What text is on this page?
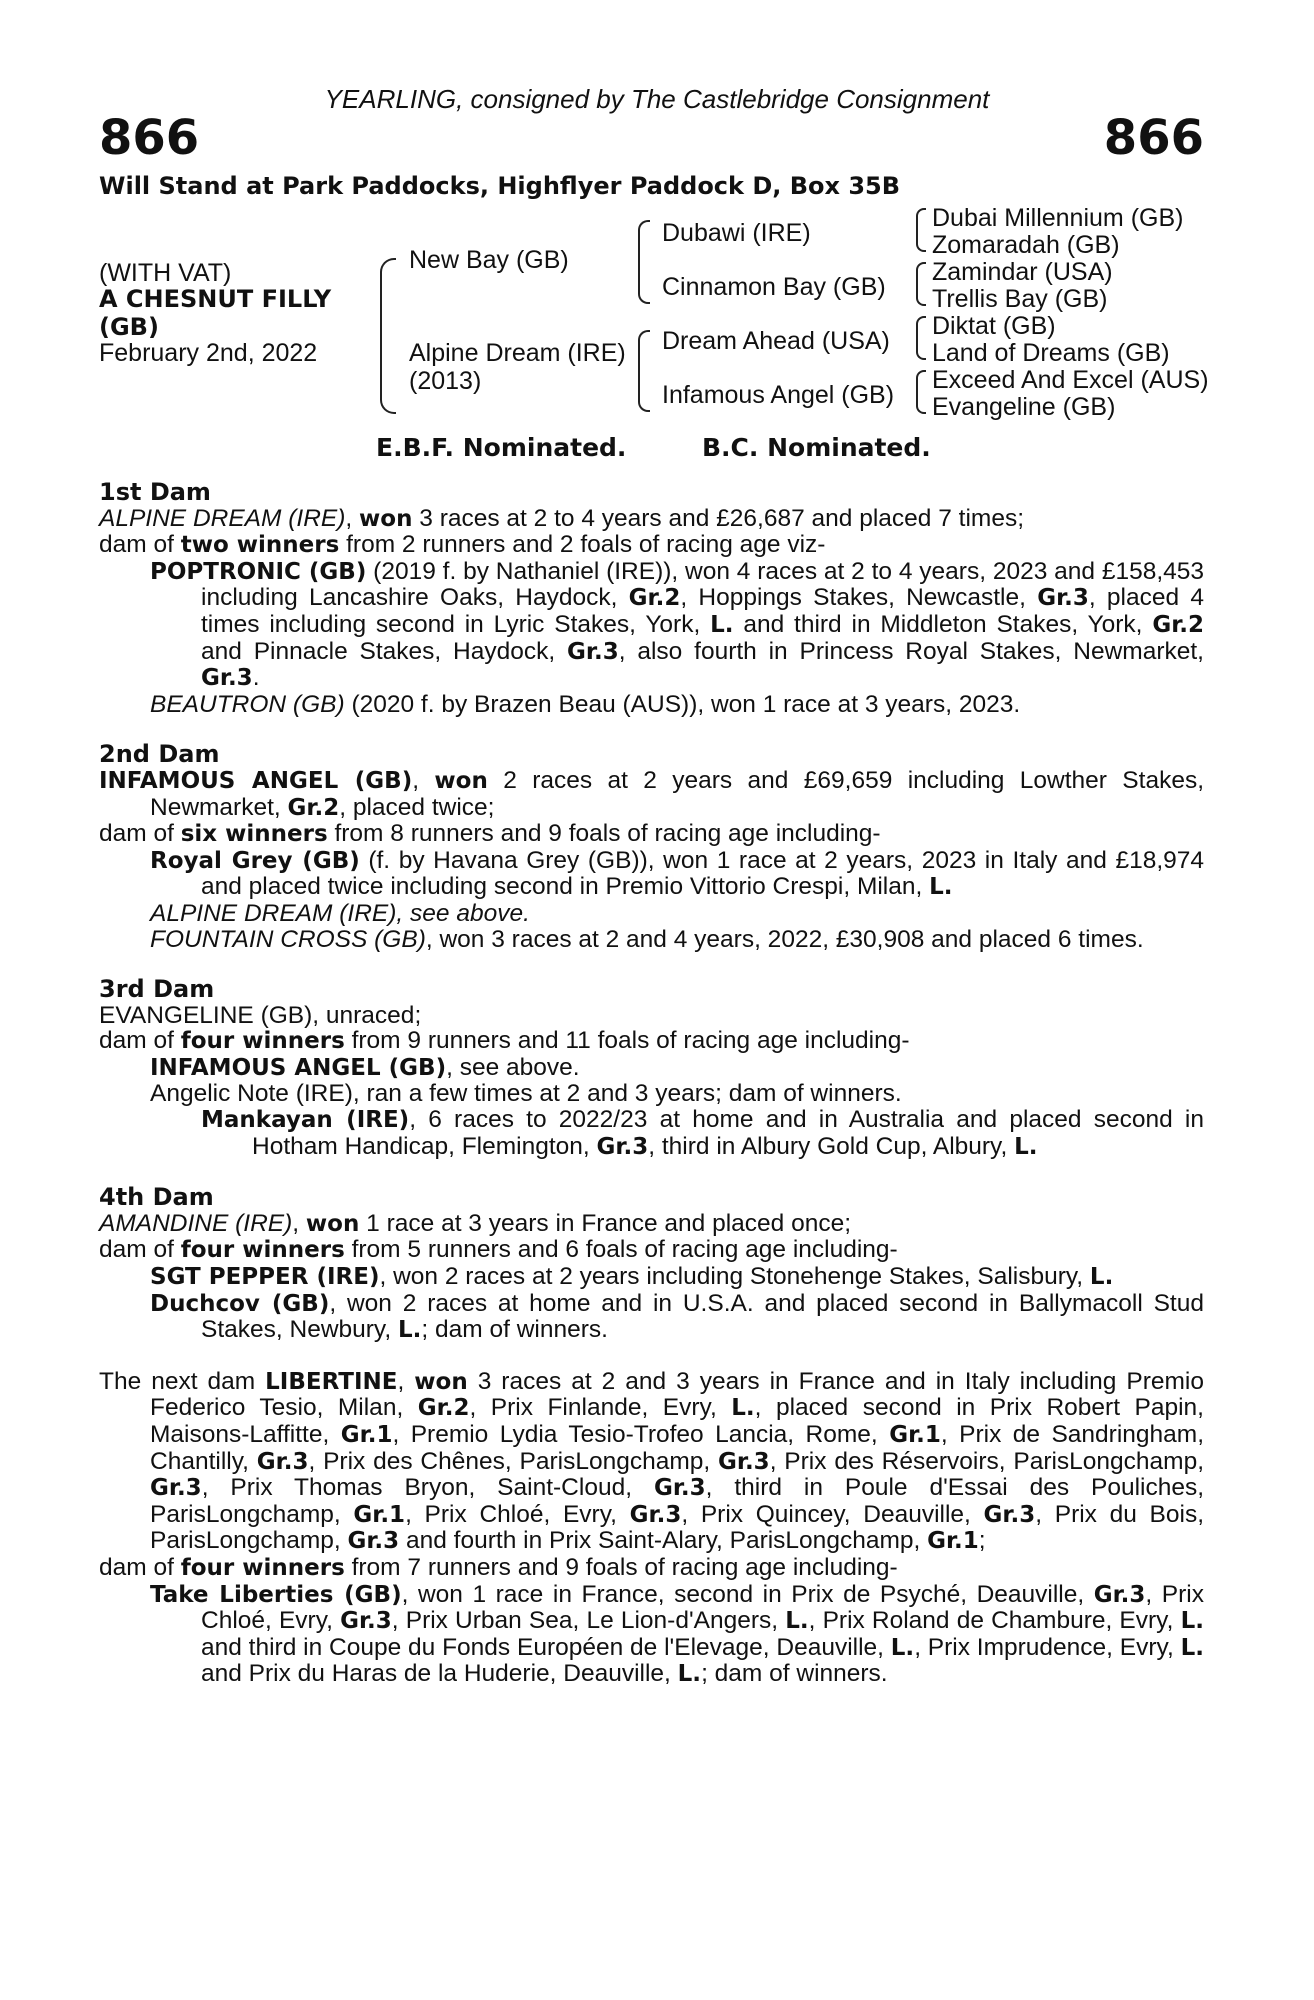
YEARLING, consigned by The Castlebridge Consignment
866	866
Will Stand at Park Paddocks, Highflyer Paddock D, Box 35B
(WITH VAT)
A CHESNUT FILLY
(GB)
February 2nd, 2022
New Bay (GB)
Alpine Dream (IRE)
(2013)
Dubawi (IRE)
Cinnamon Bay (GB)
Dream Ahead (USA)
Infamous Angel (GB)
Dubai Millennium (GB)
Zomaradah (GB)
Zamindar (USA)
Trellis Bay (GB)
Diktat (GB)
Land of Dreams (GB)
Exceed And Excel (AUS)
Evangeline (GB)
E.B.F. Nominated.	B.C. Nominated.
1st Dam

ALPINE DREAM (IRE), won 3 races at 2 to 4 years and £26,687 and placed 7 times;

dam of two winners from 2 runners and 2 foals of racing age viz-

POPTRONIC (GB) (2019 f. by Nathaniel (IRE)), won 4 races at 2 to 4 years, 2023 and £158,453 including Lancashire Oaks, Haydock, Gr.2, Hoppings Stakes, Newcastle, Gr.3, placed 4 times including second in Lyric Stakes, York, L. and third in Middleton Stakes, York, Gr.2 and Pinnacle Stakes, Haydock, Gr.3, also fourth in Princess Royal Stakes, Newmarket, Gr.3.

BEAUTRON (GB) (2020 f. by Brazen Beau (AUS)), won 1 race at 3 years, 2023.

2nd Dam

INFAMOUS ANGEL (GB), won 2 races at 2 years and £69,659 including Lowther Stakes, Newmarket, Gr.2, placed twice;

dam of six winners from 8 runners and 9 foals of racing age including-

Royal Grey (GB) (f. by Havana Grey (GB)), won 1 race at 2 years, 2023 in Italy and £18,974 and placed twice including second in Premio Vittorio Crespi, Milan, L.

ALPINE DREAM (IRE), see above.

FOUNTAIN CROSS (GB), won 3 races at 2 and 4 years, 2022, £30,908 and placed 6 times.

3rd Dam

EVANGELINE (GB), unraced;

dam of four winners from 9 runners and 11 foals of racing age including-

INFAMOUS ANGEL (GB), see above.

Angelic Note (IRE), ran a few times at 2 and 3 years; dam of winners.

Mankayan (IRE), 6 races to 2022/23 at home and in Australia and placed second in Hotham Handicap, Flemington, Gr.3, third in Albury Gold Cup, Albury, L.

4th Dam

AMANDINE (IRE), won 1 race at 3 years in France and placed once;

dam of four winners from 5 runners and 6 foals of racing age including-

SGT PEPPER (IRE), won 2 races at 2 years including Stonehenge Stakes, Salisbury, L.

Duchcov (GB), won 2 races at home and in U.S.A. and placed second in Ballymacoll Stud Stakes, Newbury, L.; dam of winners.

The next dam LIBERTINE, won 3 races at 2 and 3 years in France and in Italy including Premio Federico Tesio, Milan, Gr.2, Prix Finlande, Evry, L., placed second in Prix Robert Papin, Maisons-Laffitte, Gr.1, Premio Lydia Tesio-Trofeo Lancia, Rome, Gr.1, Prix de Sandringham, Chantilly, Gr.3, Prix des Chênes, ParisLongchamp, Gr.3, Prix des Réservoirs, ParisLongchamp, Gr.3, Prix Thomas Bryon, Saint-Cloud, Gr.3, third in Poule d'Essai des Pouliches, ParisLongchamp, Gr.1, Prix Chloé, Evry, Gr.3, Prix Quincey, Deauville, Gr.3, Prix du Bois, ParisLongchamp, Gr.3 and fourth in Prix Saint-Alary, ParisLongchamp, Gr.1;

dam of four winners from 7 runners and 9 foals of racing age including-

Take Liberties (GB), won 1 race in France, second in Prix de Psyché, Deauville, Gr.3, Prix Chloé, Evry, Gr.3, Prix Urban Sea, Le Lion-d'Angers, L., Prix Roland de Chambure, Evry, L. and third in Coupe du Fonds Européen de l'Elevage, Deauville, L., Prix Imprudence, Evry, L. and Prix du Haras de la Huderie, Deauville, L.; dam of winners.
